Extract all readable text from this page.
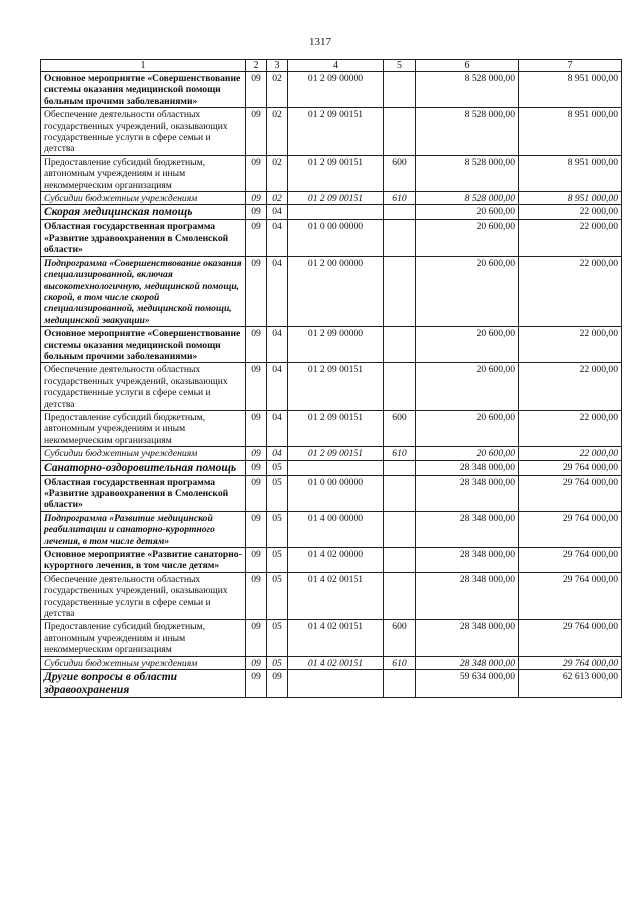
1317
1	2	3	4	5	6	7
Основное мероприятие «Совершенствование системы оказания медицинской помощи больным прочими заболеваниями»	09	02	01 2 09 00000		8 528 000,00	8 951 000,00
Обеспечение деятельности областных государственных учреждений, оказывающих государственные услуги в сфере семьи и детства	09	02	01 2 09 00151		8 528 000,00	8 951 000,00
Предоставление субсидий бюджетным, автономным учреждениям и иным некоммерческим организациям	09	02	01 2 09 00151	600	8 528 000,00	8 951 000,00
Субсидии бюджетным учреждениям	09	02	01 2 09 00151	610	8 528 000,00	8 951 000,00
Скорая медицинская помощь	09	04			20 600,00	22 000,00
Областная государственная программа «Развитие здравоохранения в Смоленской области»	09	04	01 0 00 00000		20 600,00	22 000,00
Подпрограмма «Совершенствование оказания специализированной, включая высокотехнологичную, медицинской помощи, скорой, в том числе скорой специализированной, медицинской помощи, медицинской эвакуации»	09	04	01 2 00 00000		20 600,00	22 000,00
Основное мероприятие «Совершенствование системы оказания медицинской помощи больным прочими заболеваниями»	09	04	01 2 09 00000		20 600,00	22 000,00
Обеспечение деятельности областных государственных учреждений, оказывающих государственные услуги в сфере семьи и детства	09	04	01 2 09 00151		20 600,00	22 000,00
Предоставление субсидий бюджетным, автономным учреждениям и иным некоммерческим организациям	09	04	01 2 09 00151	600	20 600,00	22 000,00
Субсидии бюджетным учреждениям	09	04	01 2 09 00151	610	20 600,00	22 000,00
Санаторно-оздоровительная помощь	09	05			28 348 000,00	29 764 000,00
Областная государственная программа «Развитие здравоохранения в Смоленской области»	09	05	01 0 00 00000		28 348 000,00	29 764 000,00
Подпрограмма «Развитие медицинской реабилитации и санаторно-курортного лечения, в том числе детям»	09	05	01 4 00 00000		28 348 000,00	29 764 000,00
Основное мероприятие «Развитие санаторно-курортного лечения, в том числе детям»	09	05	01 4 02 00000		28 348 000,00	29 764 000,00
Обеспечение деятельности областных государственных учреждений, оказывающих государственные услуги в сфере семьи и детства	09	05	01 4 02 00151		28 348 000,00	29 764 000,00
Предоставление субсидий бюджетным, автономным учреждениям и иным некоммерческим организациям	09	05	01 4 02 00151	600	28 348 000,00	29 764 000,00
Субсидии бюджетным учреждениям	09	05	01 4 02 00151	610	28 348 000,00	29 764 000,00
Другие вопросы в области здравоохранения	09	09			59 634 000,00	62 613 000,00
